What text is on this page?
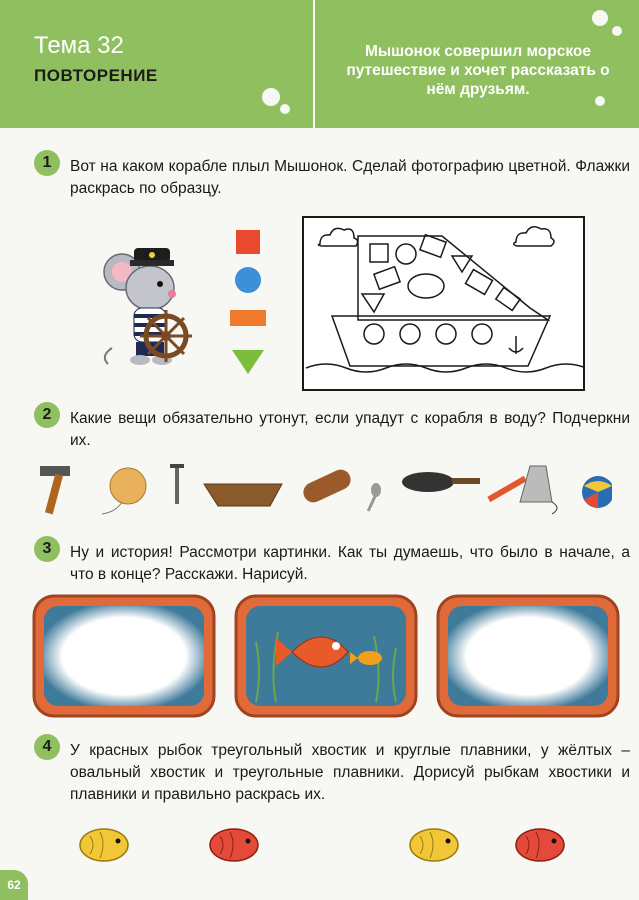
Тема 32
ПОВТОРЕНИЕ
Мышонок совершил морское путешествие и хочет рассказать о нём друзьям.
1	Вот на каком корабле плыл Мышонок. Сделай фотографию цветной. Флажки раскрась по образцу.
2	Какие вещи обязательно утонут, если упадут с корабля в воду? Подчеркни их.
3	Ну и история! Рассмотри картинки. Как ты думаешь, что было в начале, а что в конце? Расскажи. Нарисуй.
4	У красных рыбок треугольный хвостик и круглые плавники, у жёлтых – овальный хвостик и треугольные плавники. Дорисуй рыбкам хвостики и плавники и правильно раскрась их.
62
